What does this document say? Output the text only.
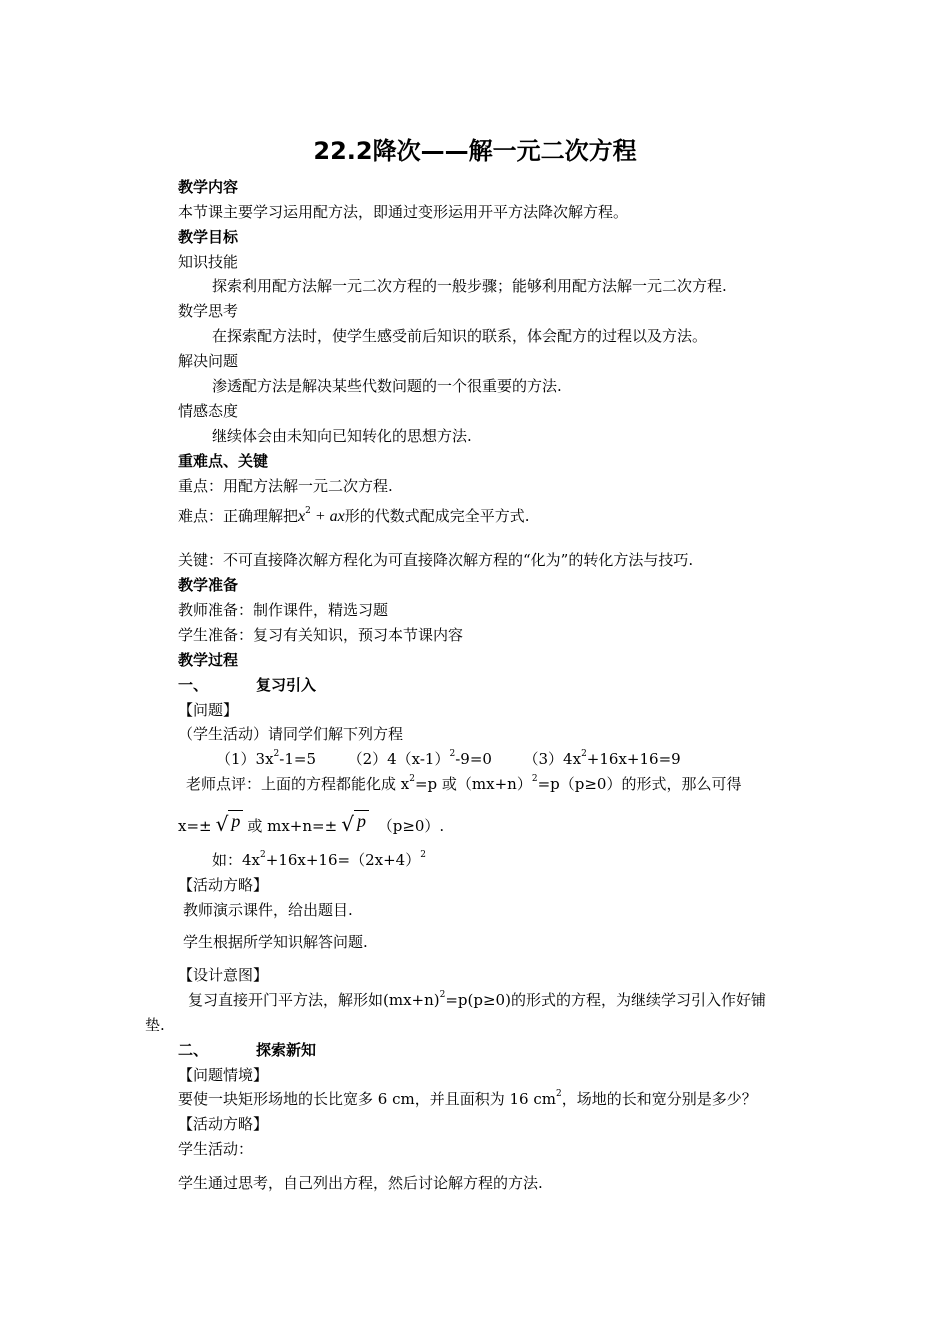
22.2降次——解一元二次方程
教学内容
本节课主要学习运用配方法，即通过变形运用开平方法降次解方程。
教学目标
知识技能
探索利用配方法解一元二次方程的一般步骤；能够利用配方法解一元二次方程.
数学思考
在探索配方法时，使学生感受前后知识的联系，体会配方的过程以及方法。
解决问题
渗透配方法是解决某些代数问题的一个很重要的方法.
情感态度
继续体会由未知向已知转化的思想方法.
重难点、关键
重点：用配方法解一元二次方程.
难点：正确理解把$x^2$ + ax形的代数式配成完全平方式.
关键：不可直接降次解方程化为可直接降次解方程的“化为”的转化方法与技巧.
教学准备
教师准备：制作课件，精选习题
学生准备：复习有关知识，预习本节课内容
教学过程
一、	复习引入
【问题】
（学生活动）请同学们解下列方程
$(1)3x^2-1=5$ $(2)4(x-1)^2-9=0$ $(3)4x^2+16x+16=9$
老师点评：上面的方程都能化成 $x^2=p$ 或$(mx+n)^2=p(p\ge 0)$的形式，那么可得
x=± √ p 或 mx+n=± √ p （p≥0）.
如：$4x^2+16x+16=(2x+4)^2$
【活动方略】
教师演示课件，给出题目.
学生根据所学知识解答问题.
【设计意图】
复习直接开门平方法，解形如$(mx+n)^2=p(p\ge 0)$的形式的方程，为继续学习引入作好铺
垫.
二、	探索新知
【问题情境】
要使一块矩形场地的长比宽多 6 cm，并且面积为 16 $cm^2$，场地的长和宽分别是多少？
【活动方略】
学生活动：
学生通过思考，自己列出方程，然后讨论解方程的方法.
